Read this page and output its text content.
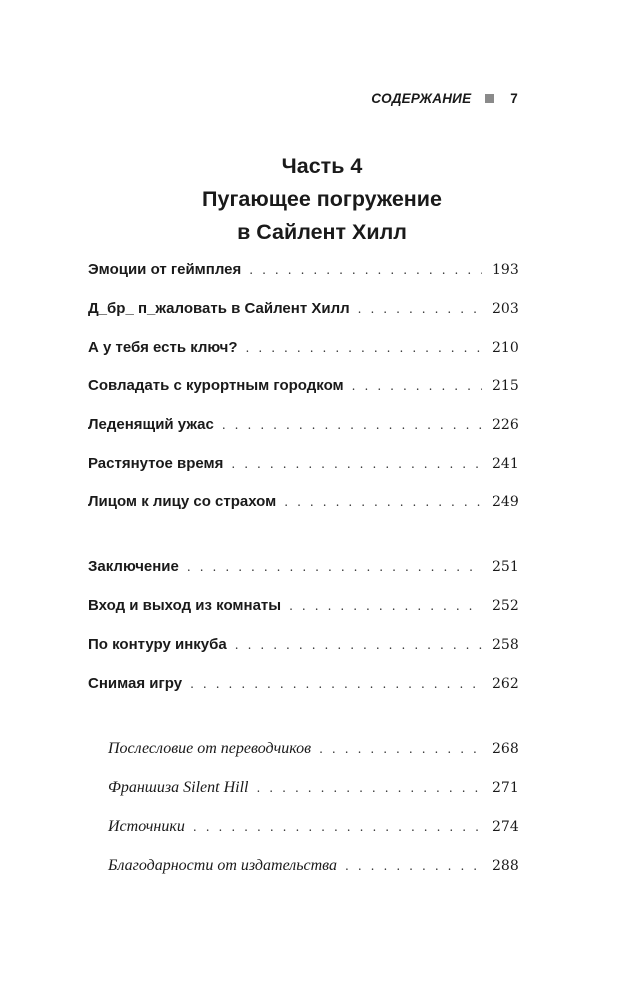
СОДЕРЖАНИЕ	7
Часть 4
Пугающее погружение
в Сайлент Хилл
Эмоции от геймплея . . .	193
Д_бр_ п_жаловать в Сайлент Хилл . . .	203
А у тебя есть ключ? . . .	210
Совладать с курортным городком . . .	215
Леденящий ужас . . .	226
Растянутое время . . .	241
Лицом к лицу со страхом . . .	249
Заключение . . .	251
Вход и выход из комнаты . . .	252
По контуру инкуба . . .	258
Снимая игру . . .	262
Послесловие от переводчиков . . .	268
Франшиза Silent Hill . . .	271
Источники . . .	274
Благодарности от издательства . . .	288
